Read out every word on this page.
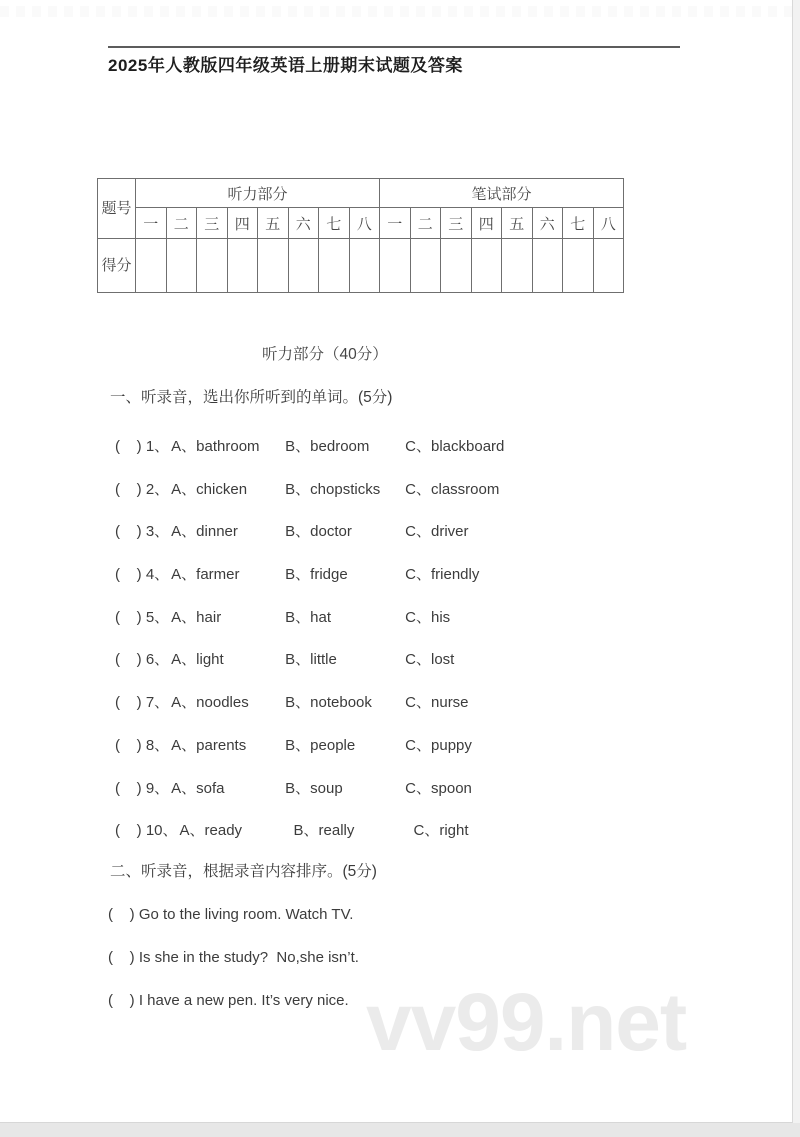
vv99.net
2025年人教版四年级英语上册期末试题及答案
题号	听力部分								笔试部分							
	一	二	三	四	五	六	七	八	一	二	三	四	五	六	七	八
得分																
听力部分（40分）
一、听录音，选出你所听到的单词。(5分)
(    ) 1、 A、bathroom	B、bedroom	C、blackboard
(    ) 2、 A、chicken	B、chopsticks	C、classroom
(    ) 3、 A、dinner	B、doctor	C、driver
(    ) 4、 A、farmer	B、fridge	C、friendly
(    ) 5、 A、hair	B、hat	C、his
(    ) 6、 A、light	B、little	C、lost
(    ) 7、 A、noodles	B、notebook	C、nurse
(    ) 8、 A、parents	B、people	C、puppy
(    ) 9、 A、sofa	B、soup	C、spoon
(    ) 10、 A、ready	B、really	C、right
二、听录音，根据录音内容排序。(5分)
(    ) Go to the living room. Watch TV.
(    ) Is she in the study?  No,she isn’t.
(    ) I have a new pen. It’s very nice.
